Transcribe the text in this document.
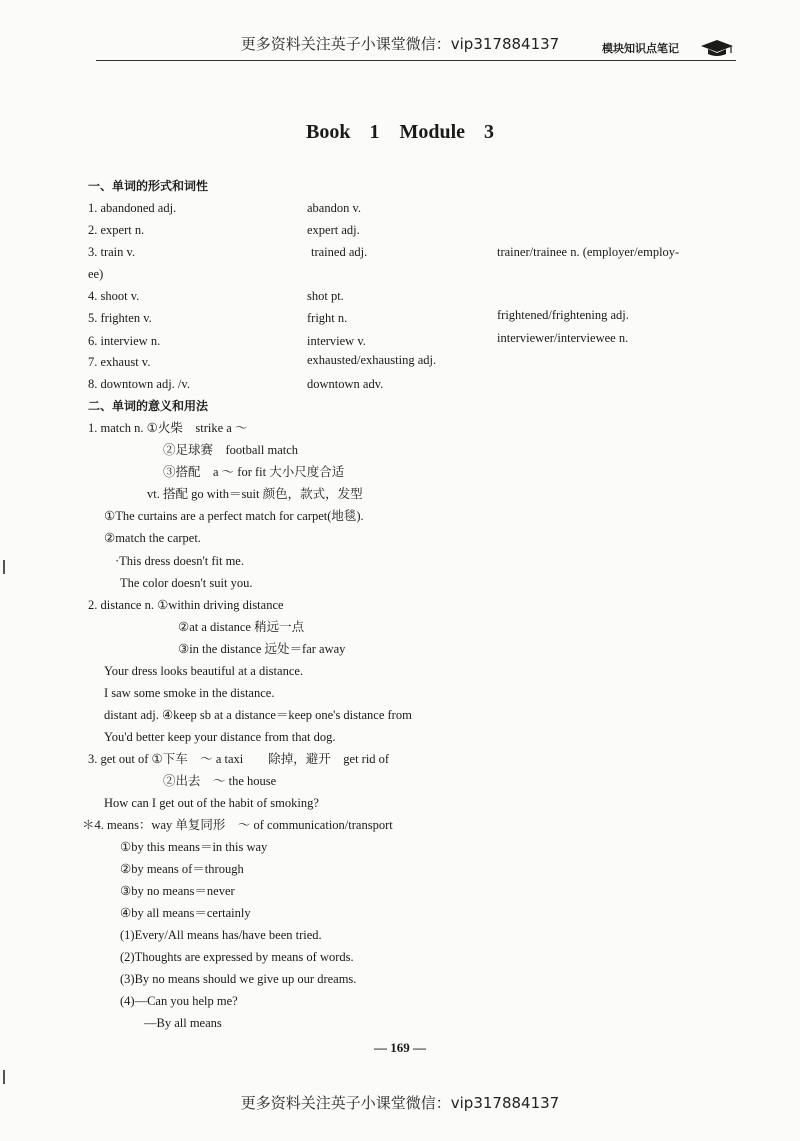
更多资料关注英子小课堂微信：vip317884137	模块知识点笔记
Book 1　Module 3
一、单词的形式和词性
1. abandoned adj.	abandon v.
2. expert n.	expert adj.
3. train v.	trained adj.	trainer/trainee n. (employer/employ-
ee)
4. shoot v.	shot pt.
5. frighten v.	fright n.	frightened/frightening adj.
6. interview n.	interview v.	interviewer/interviewee n.
7. exhaust v.	exhausted/exhausting adj.
8. downtown adj. /v.	downtown adv.
二、单词的意义和用法
1. match n. ①火柴　strike a ～
②足球赛　football match
③搭配　a ～ for fit 大小尺度合适
vt. 搭配 go with＝suit 颜色，款式，发型
①The curtains are a perfect match for carpet(地毯).
②match the carpet.
·This dress doesn't fit me.
The color doesn't suit you.
2. distance n. ①within driving distance
②at a distance 稍远一点
③in the distance 远处＝far away
Your dress looks beautiful at a distance.
I saw some smoke in the distance.
distant adj. ④keep sb at a distance＝keep one's distance from
You'd better keep your distance from that dog.
3. get out of ①下车　～ a taxi　　除掉，避开　get rid of
②出去　～ the house
How can I get out of the habit of smoking?
＊4. means：way 单复同形　～ of communication/transport
①by this means＝in this way
②by means of＝through
③by no means＝never
④by all means＝certainly
(1)Every/All means has/have been tried.
(2)Thoughts are expressed by means of words.
(3)By no means should we give up our dreams.
(4)—Can you help me?
—By all means
— 169 —
更多资料关注英子小课堂微信：vip317884137
